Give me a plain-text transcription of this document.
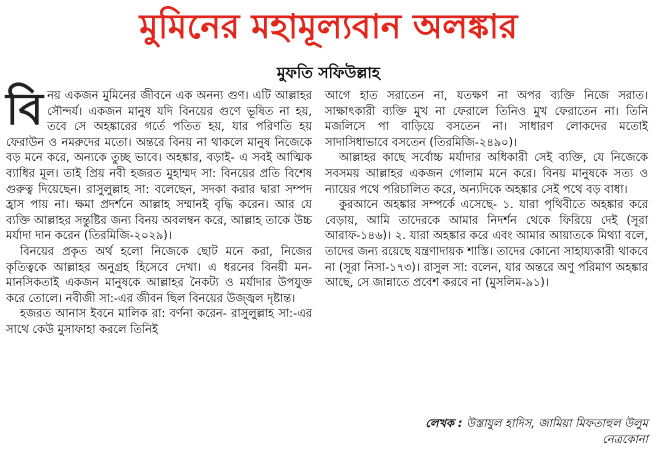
মুমিনের মহামূল্যবান অলঙ্কার
মুফতি সফিউল্লাহ
বি নয় একজন মুমিনের জীবনে এক অনন্য গুণ। এটি আল্লাহর সৌন্দর্য। একজন মানুষ যদি বিনয়ের গুণে ভূষিত না হয়, তবে সে অহঙ্কারের গর্তে পতিত হয়, যার পরিণতি হয় ফেরাউন ও নমরুদের মতো। অন্তরে বিনয় না থাকলে মানুষ নিজেকে বড় মনে করে, অন্যকে তুচ্ছ ভাবে। অহঙ্কার, বড়াই- এ সবই আত্মিক ব্যাধির মূল। তাই প্রিয় নবী হজরত মুহাম্মদ সা: বিনয়ের প্রতি বিশেষ গুরুত্ব দিয়েছেন। রাসুলুল্লাহ সা: বলেছেন, সদকা করার দ্বারা সম্পদ হ্রাস পায় না। ক্ষমা প্রদর্শনে আল্লাহ সম্মানই বৃদ্ধি করেন। আর যে ব্যক্তি আল্লাহর সন্তুষ্টির জন্য বিনয় অবলম্বন করে, আল্লাহ তাকে উচ্চ মর্যাদা দান করেন (তিরমিজি-২০২৯)।

বিনয়ের প্রকৃত অর্থ হলো নিজেকে ছোট মনে করা, নিজের কৃতিত্বকে আল্লাহর অনুগ্রহ হিসেবে দেখা। এ ধরনের বিনয়ী মন-মানসিকতাই একজন মানুষকে আল্লাহর নৈকট্য ও মর্যাদার উপযুক্ত করে তোলে। নবীজী সা:-এর জীবন ছিল বিনয়ের উজ্জ্বল দৃষ্টান্ত।

হজরত আনাস ইবনে মালিক রা: বর্ণনা করেন- রাসুলুল্লাহ সা:-এর সাথে কেউ মুসাফাহা করলে তিনিই

আগে হাত সরাতেন না, যতক্ষণ না অপর ব্যক্তি নিজে সরাত। সাক্ষাৎকারী ব্যক্তি মুখ না ফেরালে তিনিও মুখ ফেরাতেন না। তিনি মজলিসে পা বাড়িয়ে বসতেন না। সাধারণ লোকদের মতোই সাদাসিধাভাবে বসতেন (তিরমিজি-২৪৯০)।

আল্লাহর কাছে সর্বোচ্চ মর্যাদার অধিকারী সেই ব্যক্তি, যে নিজেকে সবসময় আল্লাহর একজন গোলাম মনে করে। বিনয় মানুষকে সত্য ও ন্যায়ের পথে পরিচালিত করে, অন্যদিকে অহঙ্কার সেই পথে বড় বাধা।

কুরআনে অহঙ্কার সম্পর্কে এসেছে- ১. যারা পৃথিবীতে অহঙ্কার করে বেড়ায়, আমি তাদেরকে আমার নিদর্শন থেকে ফিরিয়ে দেই (সূরা আরাফ-১৪৬)। ২. যারা অহঙ্কার করে এবং আমার আয়াতকে মিথ্যা বলে, তাদের জন্য রয়েছে যন্ত্রণাদায়ক শাস্তি। তাদের কোনো সাহায্যকারী থাকবে না (সূরা নিসা-১৭৩)। রাসুল সা: বলেন, যার অন্তরে অণু পরিমাণ অহঙ্কার আছে, সে জান্নাতে প্রবেশ করবে না (মুসলিম-৯১)।

লেখক : উস্তাযুল হাদিস, জামিয়া মিফতাহুল উলুম
নেত্রকোনা
